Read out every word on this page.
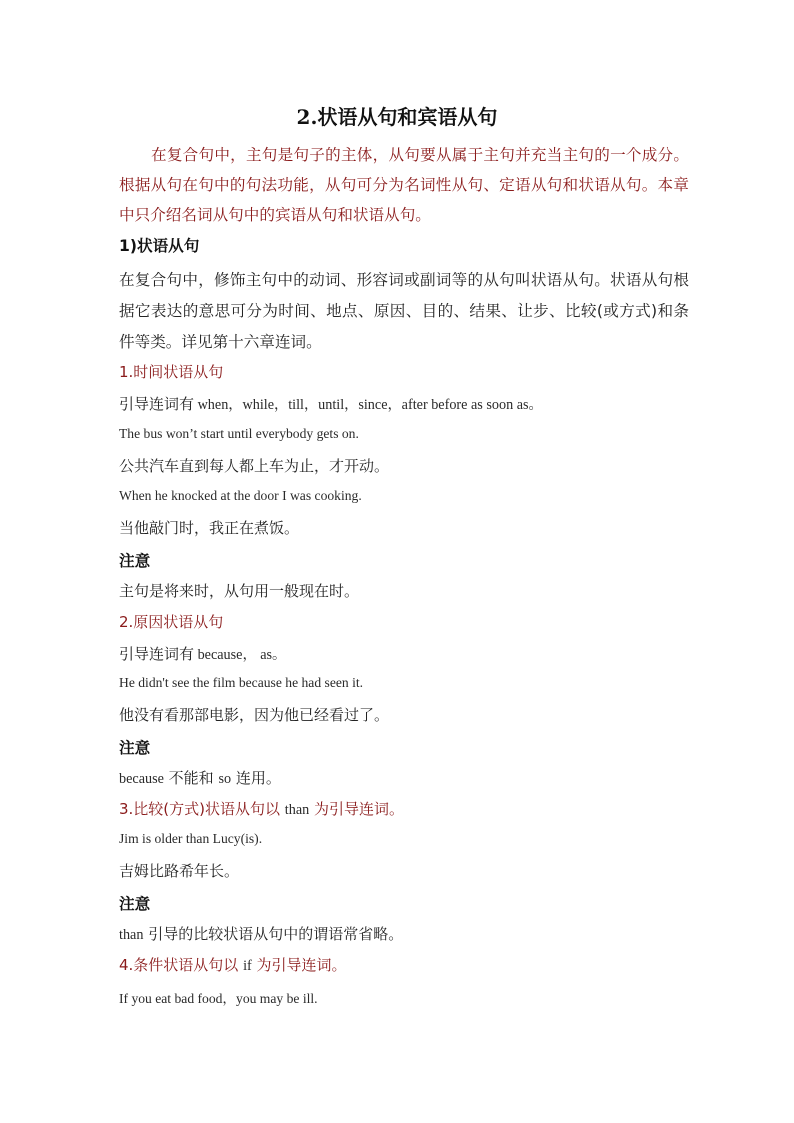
2.状语从句和宾语从句
在复合句中，主句是句子的主体，从句要从属于主句并充当主句的一个成分。根据从句在句中的句法功能，从句可分为名词性从句、定语从句和状语从句。本章中只介绍名词从句中的宾语从句和状语从句。
1)状语从句
在复合句中，修饰主句中的动词、形容词或副词等的从句叫状语从句。状语从句根据它表达的意思可分为时间、地点、原因、目的、结果、让步、比较(或方式)和条件等类。详见第十六章连词。
1.时间状语从句
引导连词有 when，while，till，until，since，after before as soon as。
The bus won’t start until everybody gets on.
公共汽车直到每人都上车为止，才开动。
When he knocked at the door I was cooking.
当他敲门时，我正在煮饭。
注意
主句是将来时，从句用一般现在时。
2.原因状语从句
引导连词有 because， as。
He didn't see the film because he had seen it.
他没有看那部电影，因为他已经看过了。
注意
because 不能和 so 连用。
3.比较(方式)状语从句以 than 为引导连词。
Jim is older than Lucy(is).
吉姆比路希年长。
注意
than 引导的比较状语从句中的谓语常省略。
4.条件状语从句以 if 为引导连词。
If you eat bad food，you may be ill.
